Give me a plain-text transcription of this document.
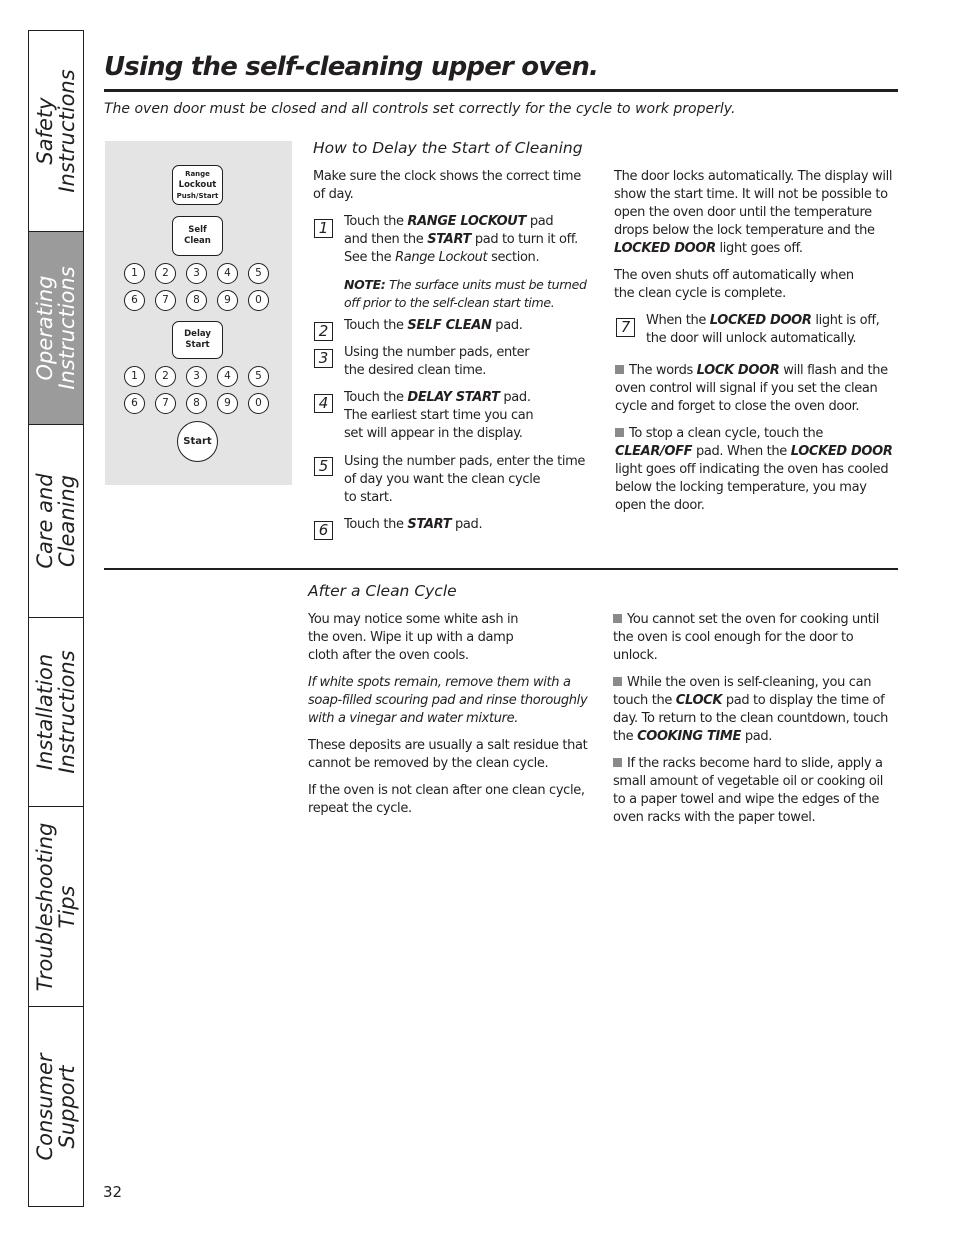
Safety Instructions
Operating
Instructions
Care and Cleaning
Installation
Instructions
Troubleshooting
Tips
Consumer Support
Using the self-cleaning upper oven.
The oven door must be closed and all controls set correctly for the cycle to work properly.
Range
Lockout
Push/Start
Self
Clean
1	2	3	4	5
6	7	8	9	0
Delay
Start
1	2	3	4	5
6	7	8	9	0
Start
How to Delay the Start of Cleaning
Make sure the clock shows the correct time of day.
1	Touch the RANGE LOCKOUT pad
and then the START pad to turn it off.
See the Range Lockout section.
NOTE: The surface units must be turned off prior to the self-clean start time.
2	Touch the SELF CLEAN pad.
3	Using the number pads, enter
the desired clean time.
4	Touch the DELAY START pad.
The earliest start time you can
set will appear in the display.
5	Using the number pads, enter the time
of day you want the clean cycle
to start.
6	Touch the START pad.
The door locks automatically. The display will show the start time. It will not be possible to open the oven door until the temperature drops below the lock temperature and the LOCKED DOOR light goes off.
The oven shuts off automatically when the clean cycle is complete.
7	When the LOCKED DOOR light is off,
the door will unlock automatically.
The words LOCK DOOR will flash and the oven control will signal if you set the clean cycle and forget to close the oven door.
To stop a clean cycle, touch the CLEAR/OFF pad. When the LOCKED DOOR light goes off indicating the oven has cooled below the locking temperature, you may open the door.
After a Clean Cycle
You may notice some white ash in the oven. Wipe it up with a damp cloth after the oven cools.
If white spots remain, remove them with a soap-filled scouring pad and rinse thoroughly with a vinegar and water mixture.
These deposits are usually a salt residue that cannot be removed by the clean cycle.
If the oven is not clean after one clean cycle, repeat the cycle.
You cannot set the oven for cooking until the oven is cool enough for the door to unlock.
While the oven is self-cleaning, you can touch the CLOCK pad to display the time of day. To return to the clean countdown, touch the COOKING TIME pad.
If the racks become hard to slide, apply a small amount of vegetable oil or cooking oil to a paper towel and wipe the edges of the oven racks with the paper towel.
32
